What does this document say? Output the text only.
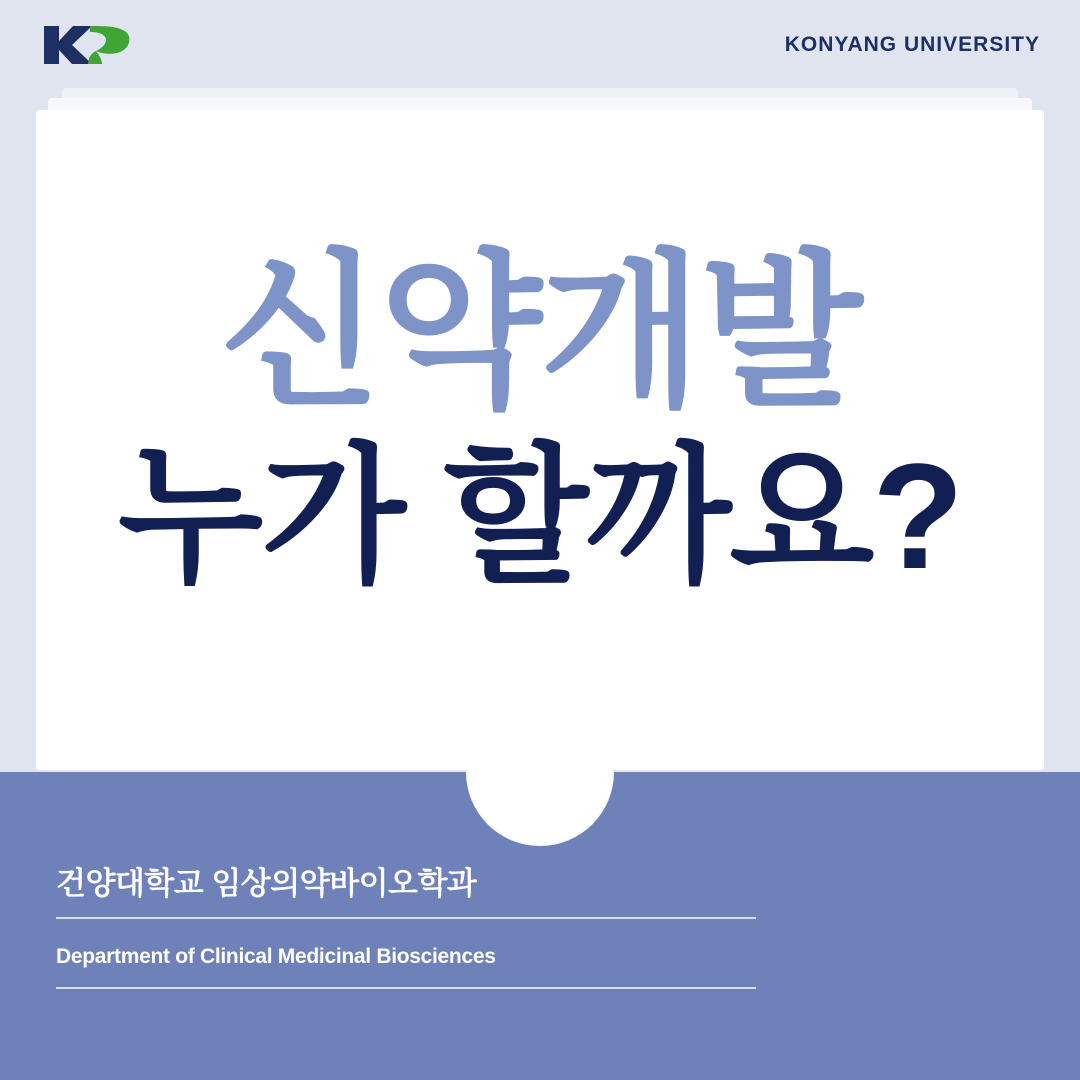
KONYANG UNIVERSITY
신약개발
누가 할까요?
건양대학교 임상의약바이오학과
Department of Clinical Medicinal Biosciences
